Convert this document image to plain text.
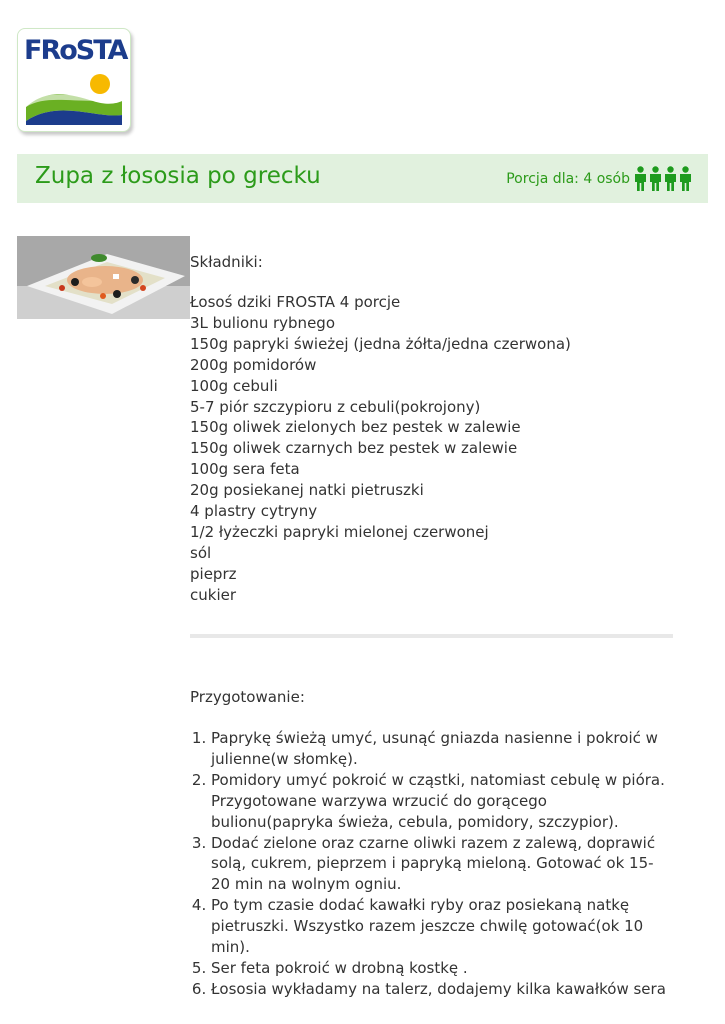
FRoSTA
Zupa z łososia po grecku	Porcja dla: 4 osób
Składniki:
Łosoś dziki FROSTA 4 porcje
3L bulionu rybnego
150g papryki świeżej (jedna żółta/jedna czerwona)
200g pomidorów
100g cebuli
5-7 piór szczypioru z cebuli(pokrojony)
150g oliwek zielonych bez pestek w zalewie
150g oliwek czarnych bez pestek w zalewie
100g sera feta
20g posiekanej natki pietruszki
4 plastry cytryny
1/2 łyżeczki papryki mielonej czerwonej
sól
pieprz
cukier
Przygotowanie:
1. Paprykę świeżą umyć, usunąć gniazda nasienne i pokroić w julienne(w słomkę).
2. Pomidory umyć pokroić w cząstki, natomiast cebulę w pióra. Przygotowane warzywa wrzucić do gorącego bulionu(papryka świeża, cebula, pomidory, szczypior).
3. Dodać zielone oraz czarne oliwki razem z zalewą, doprawić solą, cukrem, pieprzem i papryką mieloną. Gotować ok 15-20 min na wolnym ogniu.
4. Po tym czasie dodać kawałki ryby oraz posiekaną natkę pietruszki. Wszystko razem jeszcze chwilę gotować(ok 10 min).
5. Ser feta pokroić w drobną kostkę .
6. Łososia wykładamy na talerz, dodajemy kilka kawałków sera
